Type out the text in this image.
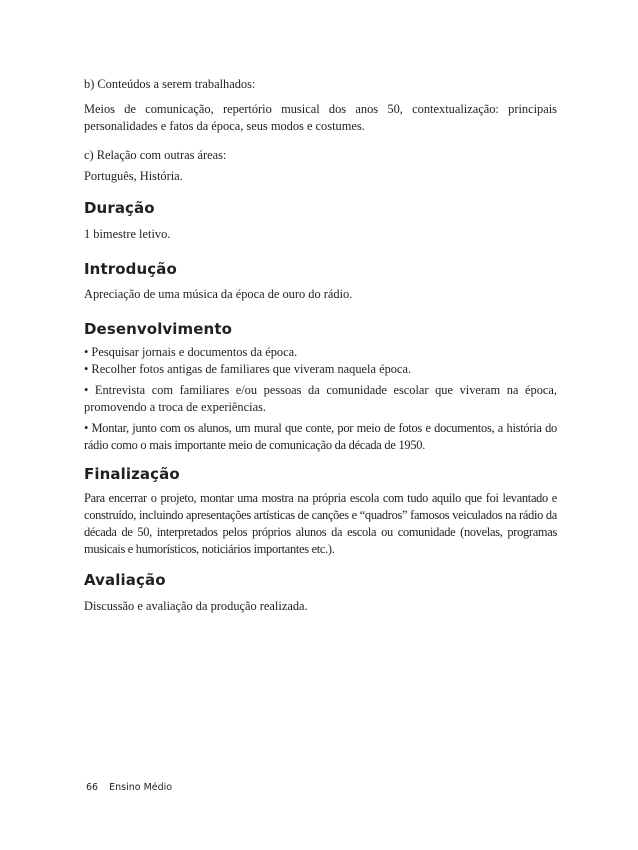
b) Conteúdos a serem trabalhados:

Meios de comunicação, repertório musical dos anos 50, contextualização: principais personalidades e fatos da época, seus modos e costumes.

c) Relação com outras áreas:

Português, História.

Duração

1 bimestre letivo.

Introdução

Apreciação de uma música da época de ouro do rádio.

Desenvolvimento

• Pesquisar jornais e documentos da época.

• Recolher fotos antigas de familiares que viveram naquela época.

• Entrevista com familiares e/ou pessoas da comunidade escolar que viveram na época, promovendo a troca de experiências.

• Montar, junto com os alunos, um mural que conte, por meio de fotos e documentos, a história do rádio como o mais importante meio de comunicação da década de 1950.

Finalização

Para encerrar o projeto, montar uma mostra na própria escola com tudo aquilo que foi levantado e construído, incluindo apresentações artísticas de canções e “quadros” famosos veiculados na rádio da década de 50, interpretados pelos próprios alunos da escola ou comunidade (novelas, programas musicais e humorísticos, noticiários importantes etc.).

Avaliação

Discussão e avaliação da produção realizada.

66 Ensino Médio
